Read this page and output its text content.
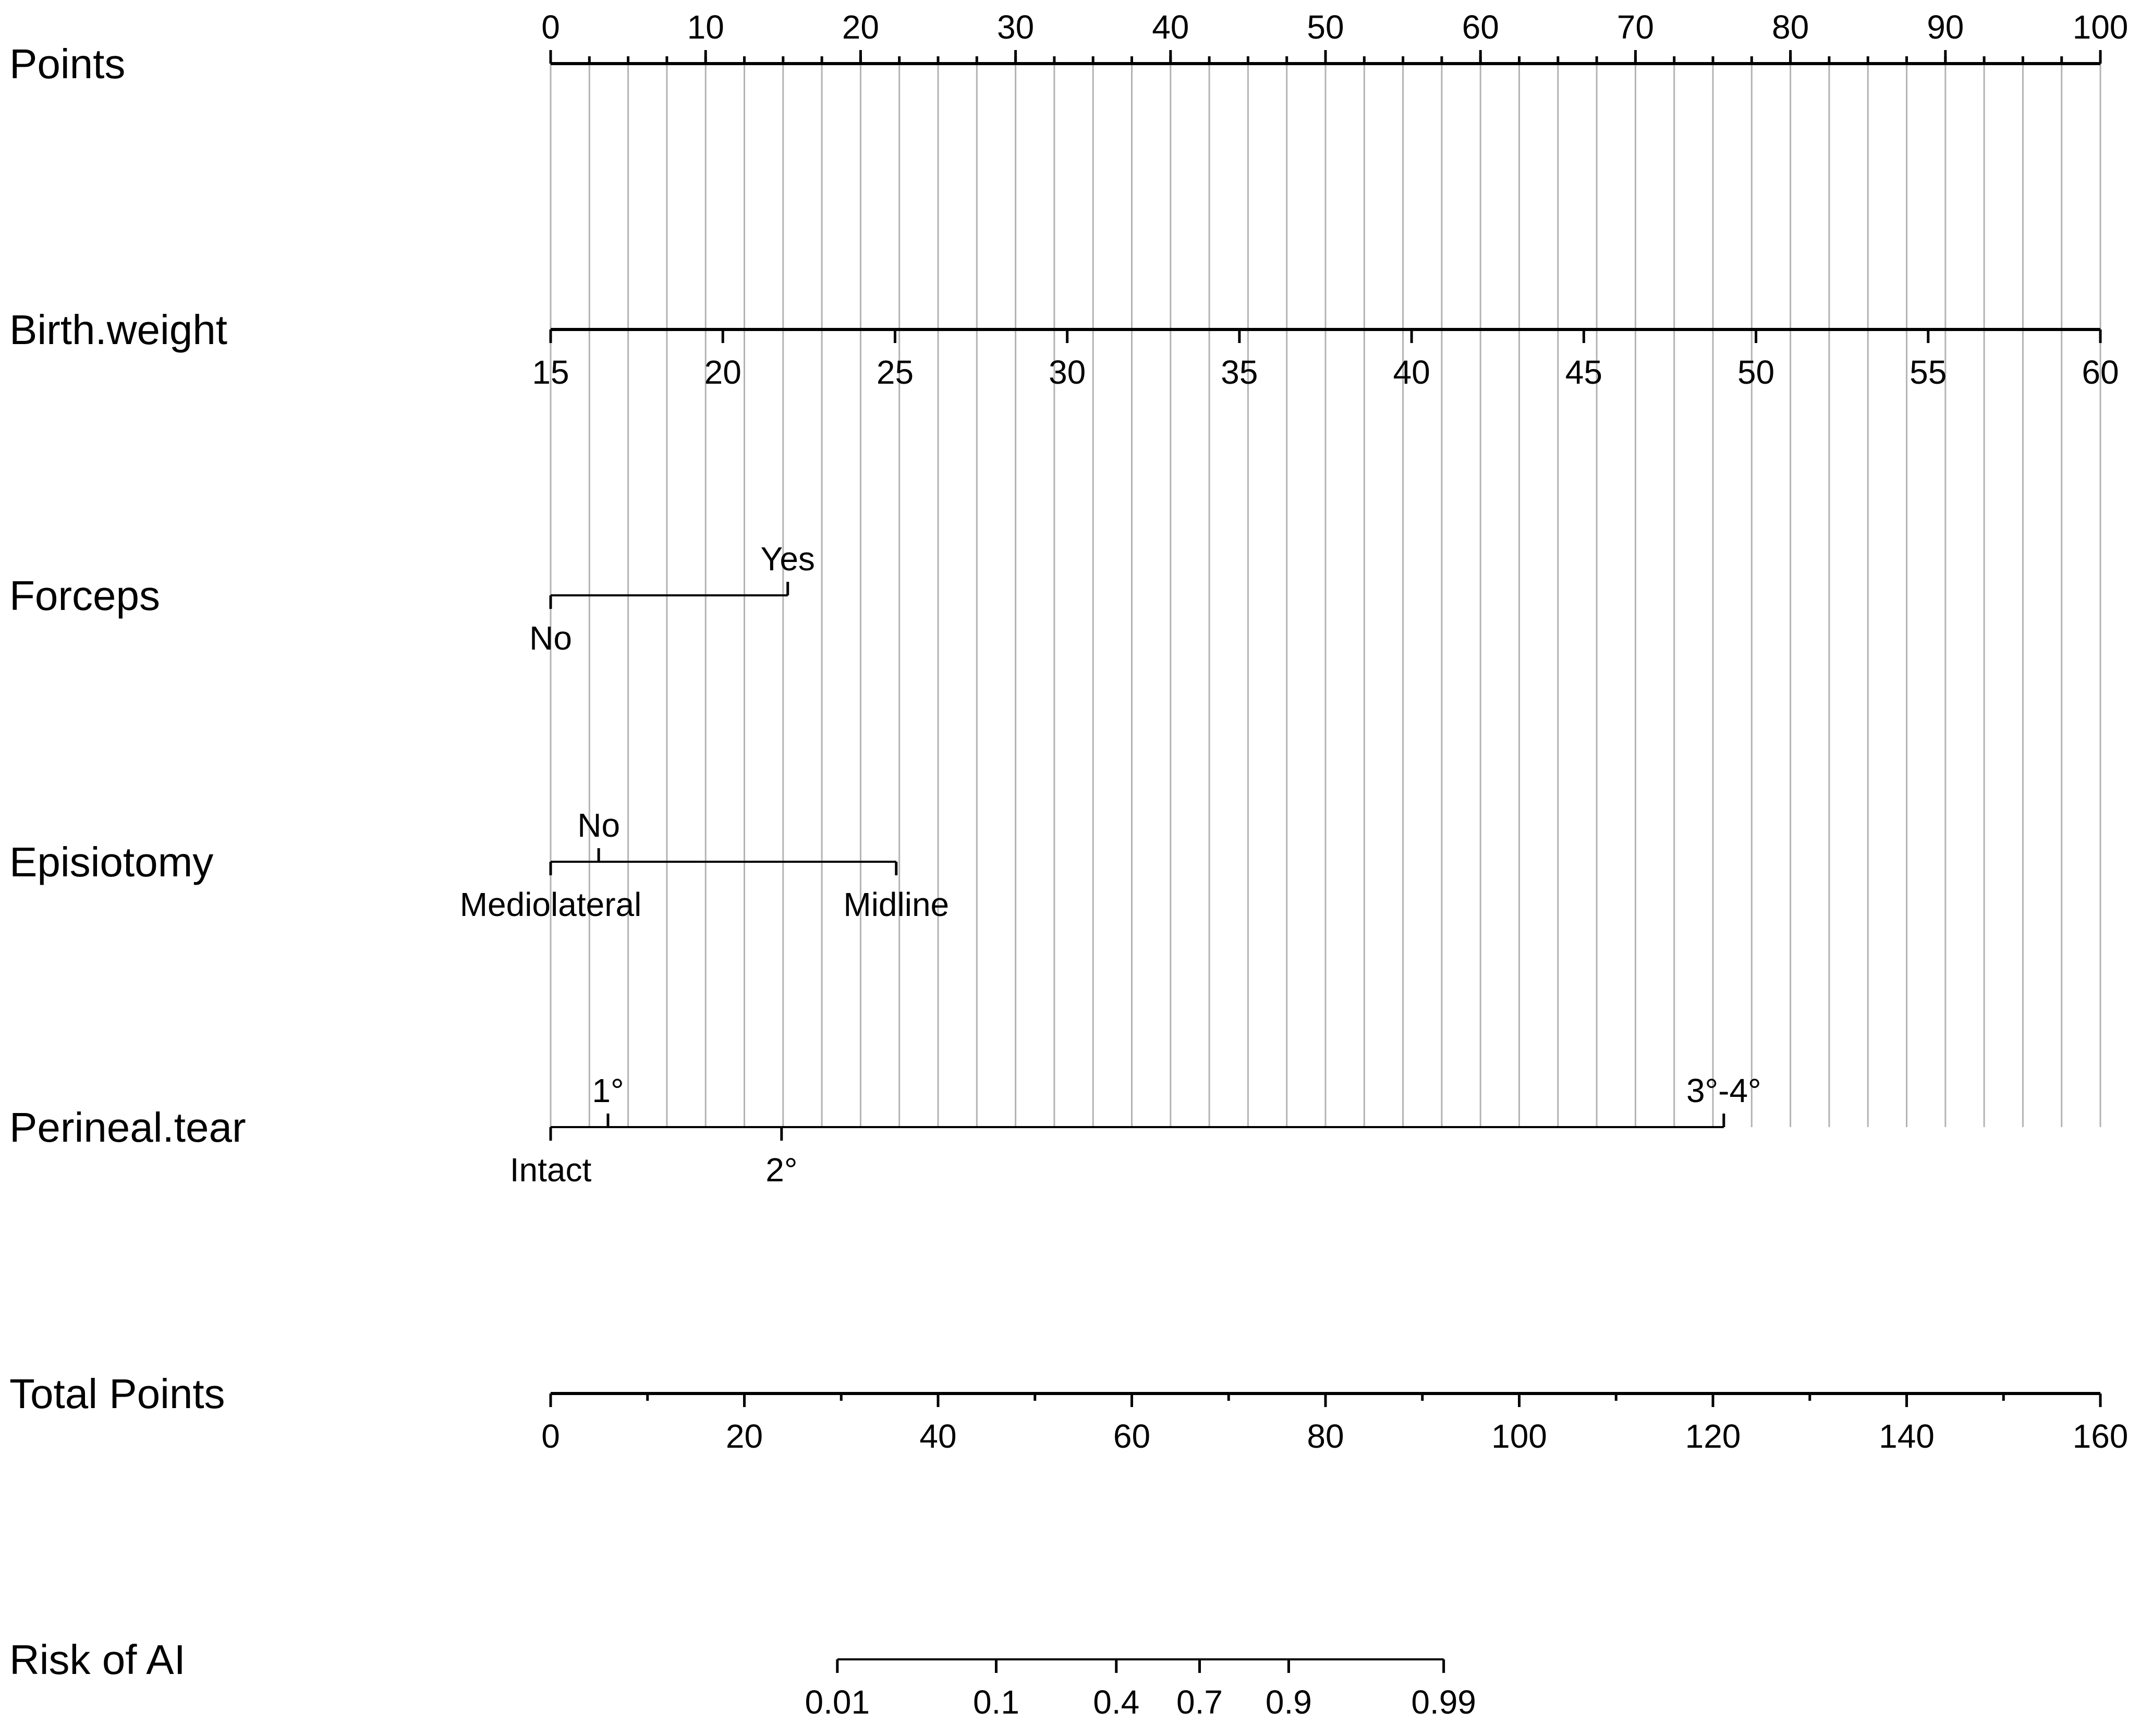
Points
0	10	20	30	40	50	60	70	80	90	100
Birth.weight
15	20	25	30	35	40	45	50	55	60
Forceps
No
Yes
Episiotomy
Mediolateral
No
Midline
Perineal.tear
Intact
1°
2°
3°-4°
Total Points
0	20	40	60	80	100	120	140	160
Risk of AI
0.01	0.1 0.4 0.7 0.9	0.99
